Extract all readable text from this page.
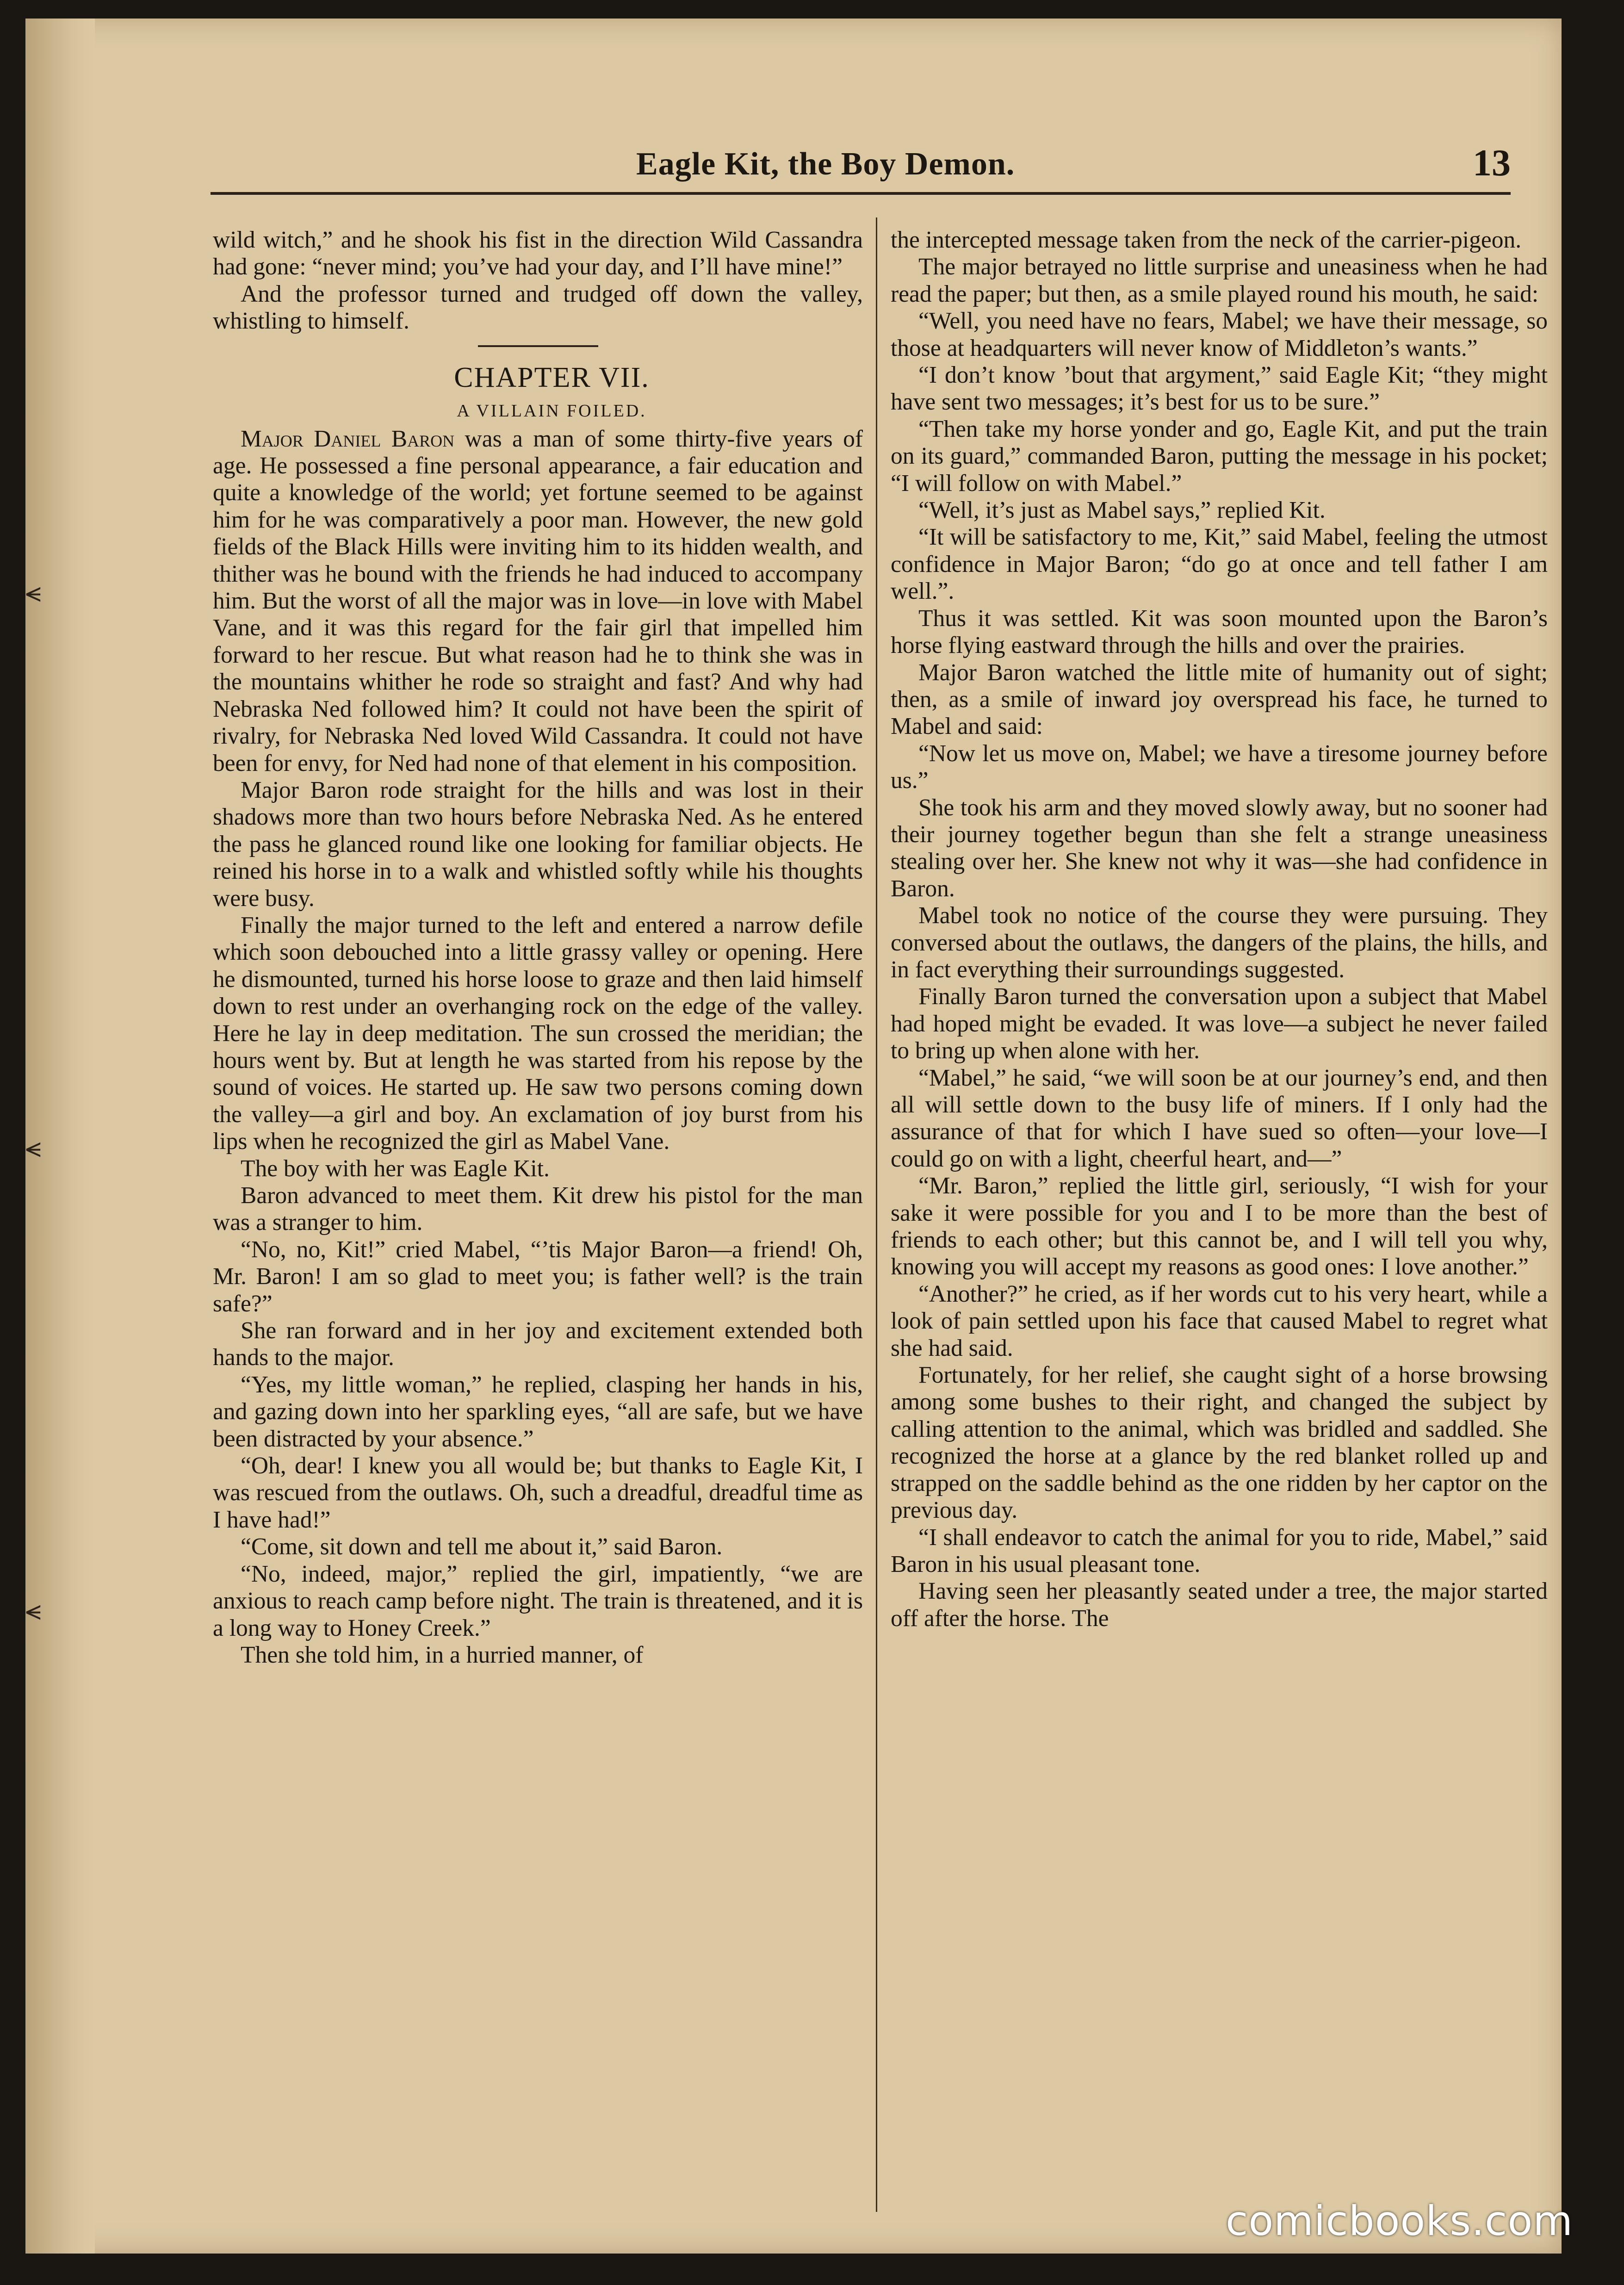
⪪
⪪
⪪
Eagle Kit, the Boy Demon.	13

wild witch,” and he shook his fist in the direction Wild Cassandra had gone: “never mind; you’ve had your day, and I’ll have mine!”

And the professor turned and trudged off down the valley, whistling to himself.

CHAPTER VII.

A VILLAIN FOILED.

Major Daniel Baron was a man of some thirty-five years of age. He possessed a fine personal appearance, a fair education and quite a knowledge of the world; yet fortune seemed to be against him for he was comparatively a poor man. However, the new gold fields of the Black Hills were inviting him to its hidden wealth, and thither was he bound with the friends he had induced to accompany him. But the worst of all the major was in love—in love with Mabel Vane, and it was this regard for the fair girl that impelled him forward to her rescue. But what reason had he to think she was in the mountains whither he rode so straight and fast? And why had Nebraska Ned followed him? It could not have been the spirit of rivalry, for Nebraska Ned loved Wild Cassandra. It could not have been for envy, for Ned had none of that element in his composition.

Major Baron rode straight for the hills and was lost in their shadows more than two hours before Nebraska Ned. As he entered the pass he glanced round like one looking for familiar objects. He reined his horse in to a walk and whistled softly while his thoughts were busy.

Finally the major turned to the left and entered a narrow defile which soon debouched into a little grassy valley or opening. Here he dismounted, turned his horse loose to graze and then laid himself down to rest under an overhanging rock on the edge of the valley. Here he lay in deep meditation. The sun crossed the meridian; the hours went by. But at length he was started from his repose by the sound of voices. He started up. He saw two persons coming down the valley—a girl and boy. An exclamation of joy burst from his lips when he recognized the girl as Mabel Vane.

The boy with her was Eagle Kit.

Baron advanced to meet them. Kit drew his pistol for the man was a stranger to him.

“No, no, Kit!” cried Mabel, “’tis Major Baron—a friend! Oh, Mr. Baron! I am so glad to meet you; is father well? is the train safe?”

She ran forward and in her joy and excitement extended both hands to the major.

“Yes, my little woman,” he replied, clasping her hands in his, and gazing down into her sparkling eyes, “all are safe, but we have been distracted by your absence.”

“Oh, dear! I knew you all would be; but thanks to Eagle Kit, I was rescued from the outlaws. Oh, such a dreadful, dreadful time as I have had!”

“Come, sit down and tell me about it,” said Baron.

“No, indeed, major,” replied the girl, impatiently, “we are anxious to reach camp before night. The train is threatened, and it is a long way to Honey Creek.”

Then she told him, in a hurried manner, of

the intercepted message taken from the neck of the carrier-pigeon.

The major betrayed no little surprise and uneasiness when he had read the paper; but then, as a smile played round his mouth, he said:

“Well, you need have no fears, Mabel; we have their message, so those at headquarters will never know of Middleton’s wants.”

“I don’t know ’bout that argyment,” said Eagle Kit; “they might have sent two messages; it’s best for us to be sure.”

“Then take my horse yonder and go, Eagle Kit, and put the train on its guard,” commanded Baron, putting the message in his pocket; “I will follow on with Mabel.”

“Well, it’s just as Mabel says,” replied Kit.

“It will be satisfactory to me, Kit,” said Mabel, feeling the utmost confidence in Major Baron; “do go at once and tell father I am well.”.

Thus it was settled. Kit was soon mounted upon the Baron’s horse flying eastward through the hills and over the prairies.

Major Baron watched the little mite of humanity out of sight; then, as a smile of inward joy overspread his face, he turned to Mabel and said:

“Now let us move on, Mabel; we have a tiresome journey before us.”

She took his arm and they moved slowly away, but no sooner had their journey together begun than she felt a strange uneasiness stealing over her. She knew not why it was—she had confidence in Baron.

Mabel took no notice of the course they were pursuing. They conversed about the outlaws, the dangers of the plains, the hills, and in fact everything their surroundings suggested.

Finally Baron turned the conversation upon a subject that Mabel had hoped might be evaded. It was love—a subject he never failed to bring up when alone with her.

“Mabel,” he said, “we will soon be at our journey’s end, and then all will settle down to the busy life of miners. If I only had the assurance of that for which I have sued so often—your love—I could go on with a light, cheerful heart, and—”

“Mr. Baron,” replied the little girl, seriously, “I wish for your sake it were possible for you and I to be more than the best of friends to each other; but this cannot be, and I will tell you why, knowing you will accept my reasons as good ones: I love another.”

“Another?” he cried, as if her words cut to his very heart, while a look of pain settled upon his face that caused Mabel to regret what she had said.

Fortunately, for her relief, she caught sight of a horse browsing among some bushes to their right, and changed the subject by calling attention to the animal, which was bridled and saddled. She recognized the horse at a glance by the red blanket rolled up and strapped on the saddle behind as the one ridden by her captor on the previous day.

“I shall endeavor to catch the animal for you to ride, Mabel,” said Baron in his usual pleasant tone.

Having seen her pleasantly seated under a tree, the major started off after the horse. The

comicbooks.com
